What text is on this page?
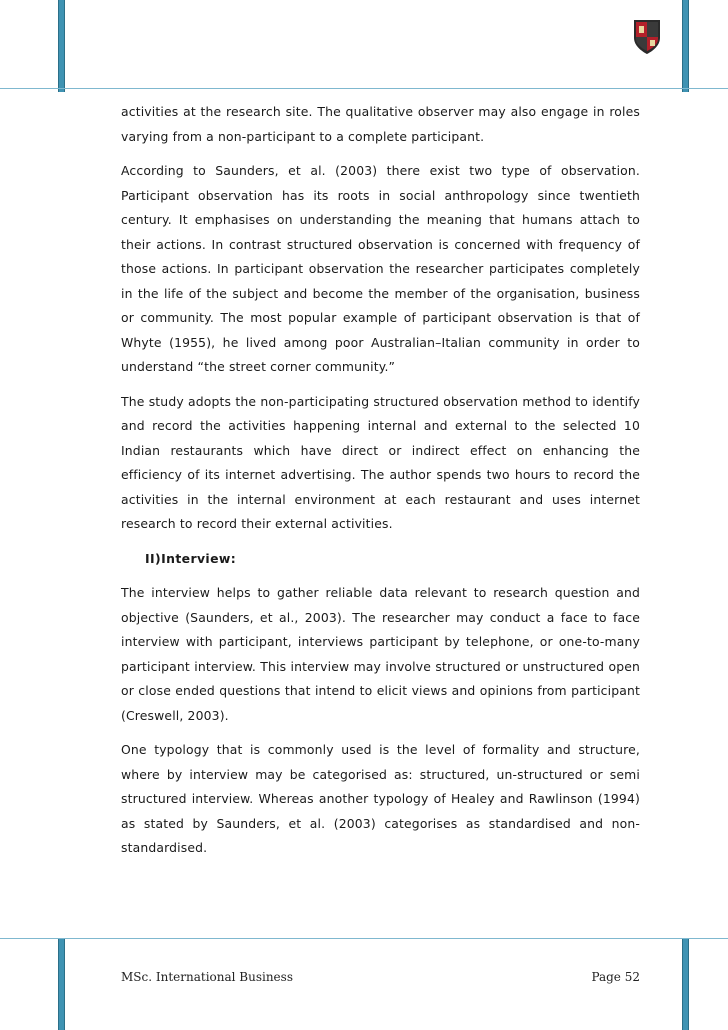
activities at the research site. The qualitative observer may also engage in roles varying from a non-participant to a complete participant.

According to Saunders, et al. (2003) there exist two type of observation. Participant observation has its roots in social anthropology since twentieth century. It emphasises on understanding the meaning that humans attach to their actions. In contrast structured observation is concerned with frequency of those actions. In participant observation the researcher participates completely in the life of the subject and become the member of the organisation, business or community. The most popular example of participant observation is that of Whyte (1955), he lived among poor Australian–Italian community in order to understand “the street corner community.”

The study adopts the non-participating structured observation method to identify and record the activities happening internal and external to the selected 10 Indian restaurants which have direct or indirect effect on enhancing the efficiency of its internet advertising. The author spends two hours to record the activities in the internal environment at each restaurant and uses internet research to record their external activities.

II)Interview:

The interview helps to gather reliable data relevant to research question and objective (Saunders, et al., 2003). The researcher may conduct a face to face interview with participant, interviews participant by telephone, or one-to-many participant interview. This interview may involve structured or unstructured open or close ended questions that intend to elicit views and opinions from participant (Creswell, 2003).

One typology that is commonly used is the level of formality and structure, where by interview may be categorised as: structured, un-structured or semi structured interview. Whereas another typology of Healey and Rawlinson (1994) as stated by Saunders, et al. (2003) categorises as standardised and non-standardised.

MSc. International Business	Page 52
